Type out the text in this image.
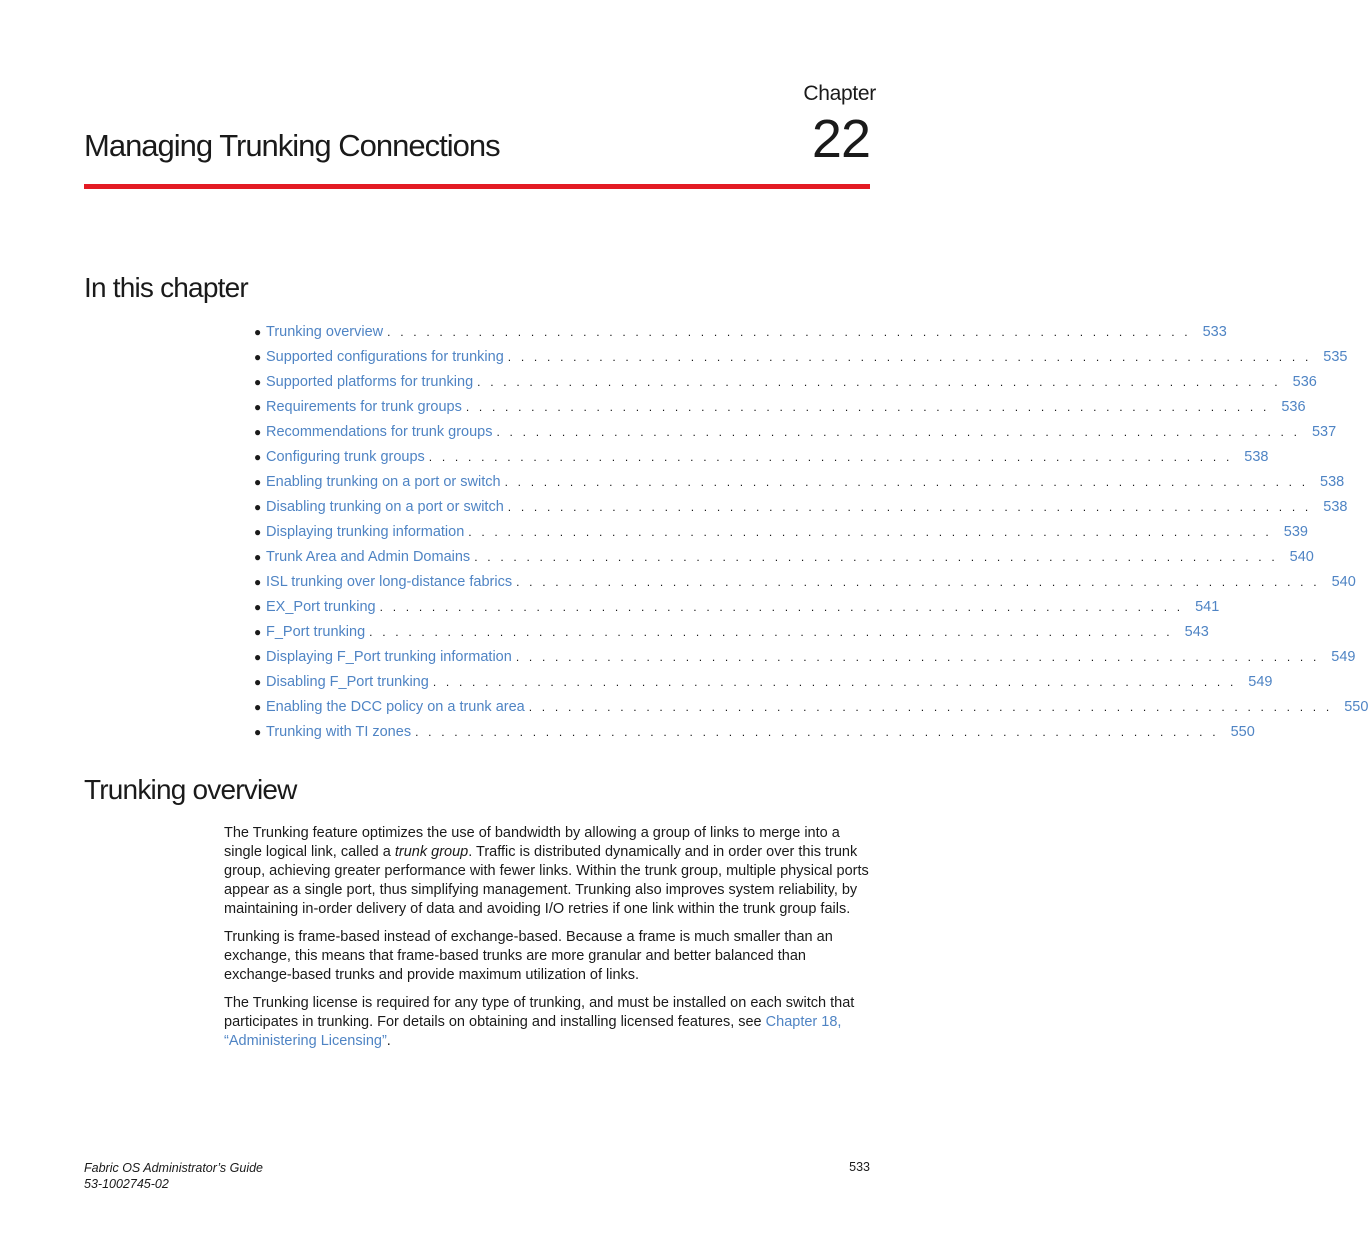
Chapter
22
Managing Trunking Connections
In this chapter
● Trunking overview . . . . . . . . . . . . . . . . . . . . . . . . . . . . . . . . . . . . . . . . . . . . . . . . . . . . . . . . . . . . . . 533
● Supported configurations for trunking . . . . . . . . . . . . . . . . . . . . . . . . . . . . . . . . . . . . . . . . . . . . . . . . . . . . . . . . . . . . . . 535
● Supported platforms for trunking . . . . . . . . . . . . . . . . . . . . . . . . . . . . . . . . . . . . . . . . . . . . . . . . . . . . . . . . . . . . . . 536
● Requirements for trunk groups . . . . . . . . . . . . . . . . . . . . . . . . . . . . . . . . . . . . . . . . . . . . . . . . . . . . . . . . . . . . . . 536
● Recommendations for trunk groups . . . . . . . . . . . . . . . . . . . . . . . . . . . . . . . . . . . . . . . . . . . . . . . . . . . . . . . . . . . . . . 537
● Configuring trunk groups . . . . . . . . . . . . . . . . . . . . . . . . . . . . . . . . . . . . . . . . . . . . . . . . . . . . . . . . . . . . . . 538
● Enabling trunking on a port or switch . . . . . . . . . . . . . . . . . . . . . . . . . . . . . . . . . . . . . . . . . . . . . . . . . . . . . . . . . . . . . . 538
● Disabling trunking on a port or switch . . . . . . . . . . . . . . . . . . . . . . . . . . . . . . . . . . . . . . . . . . . . . . . . . . . . . . . . . . . . . . 538
● Displaying trunking information . . . . . . . . . . . . . . . . . . . . . . . . . . . . . . . . . . . . . . . . . . . . . . . . . . . . . . . . . . . . . . 539
● Trunk Area and Admin Domains . . . . . . . . . . . . . . . . . . . . . . . . . . . . . . . . . . . . . . . . . . . . . . . . . . . . . . . . . . . . . . 540
● ISL trunking over long-distance fabrics . . . . . . . . . . . . . . . . . . . . . . . . . . . . . . . . . . . . . . . . . . . . . . . . . . . . . . . . . . . . . . 540
● EX_Port trunking . . . . . . . . . . . . . . . . . . . . . . . . . . . . . . . . . . . . . . . . . . . . . . . . . . . . . . . . . . . . . . 541
● F_Port trunking . . . . . . . . . . . . . . . . . . . . . . . . . . . . . . . . . . . . . . . . . . . . . . . . . . . . . . . . . . . . . . 543
● Displaying F_Port trunking information . . . . . . . . . . . . . . . . . . . . . . . . . . . . . . . . . . . . . . . . . . . . . . . . . . . . . . . . . . . . . . 549
● Disabling F_Port trunking . . . . . . . . . . . . . . . . . . . . . . . . . . . . . . . . . . . . . . . . . . . . . . . . . . . . . . . . . . . . . . 549
● Enabling the DCC policy on a trunk area . . . . . . . . . . . . . . . . . . . . . . . . . . . . . . . . . . . . . . . . . . . . . . . . . . . . . . . . . . . . . . 550
● Trunking with TI zones . . . . . . . . . . . . . . . . . . . . . . . . . . . . . . . . . . . . . . . . . . . . . . . . . . . . . . . . . . . . . . 550
Trunking overview

The Trunking feature optimizes the use of bandwidth by allowing a group of links to merge into a single logical link, called a trunk group. Traffic is distributed dynamically and in order over this trunk group, achieving greater performance with fewer links. Within the trunk group, multiple physical ports appear as a single port, thus simplifying management. Trunking also improves system reliability, by maintaining in-order delivery of data and avoiding I/O retries if one link within the trunk group fails.

Trunking is frame-based instead of exchange-based. Because a frame is much smaller than an exchange, this means that frame-based trunks are more granular and better balanced than exchange-based trunks and provide maximum utilization of links.

The Trunking license is required for any type of trunking, and must be installed on each switch that participates in trunking. For details on obtaining and installing licensed features, see Chapter 18, “Administering Licensing”.

Fabric OS Administrator’s Guide
53-1002745-02
533
